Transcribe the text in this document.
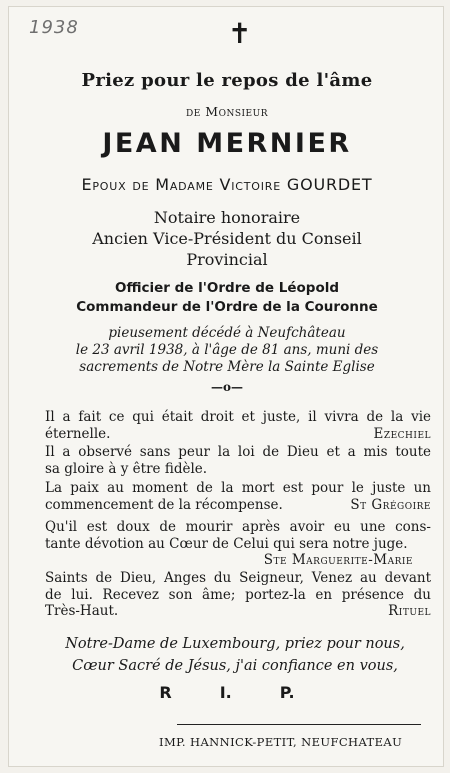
1938	✝
Priez pour le repos de l'âme
de Monsieur
JEAN MERNIER
Epoux de Madame Victoire GOURDET
Notaire honoraire
Ancien Vice-Président du Conseil
Provincial
Officier de l'Ordre de Léopold
Commandeur de l'Ordre de la Couronne
pieusement décédé à Neufchâteau
le 23 avril 1938, à l'âge de 81 ans, muni des
sacrements de Notre Mère la Sainte Eglise
—o—
Il a fait ce qui était droit et juste, il vivra de la vie
éternelle.	Ezechiel
Il a observé sans peur la loi de Dieu et a mis toute
sa gloire à y être fidèle.
La paix au moment de la mort est pour le juste un
commencement de la récompense.	St Grégoire
Qu'il est doux de mourir après avoir eu une cons-
tante dévotion au Cœur de Celui qui sera notre juge.
Ste Marguerite-Marie
Saints de Dieu, Anges du Seigneur, Venez au devant
de lui. Recevez son âme; portez-la en présence du
Très-Haut.	Rituel
Notre-Dame de Luxembourg, priez pour nous,
Cœur Sacré de Jésus, j'ai confiance en vous,
R	I.	P.
IMP. HANNICK-PETIT, NEUFCHATEAU
